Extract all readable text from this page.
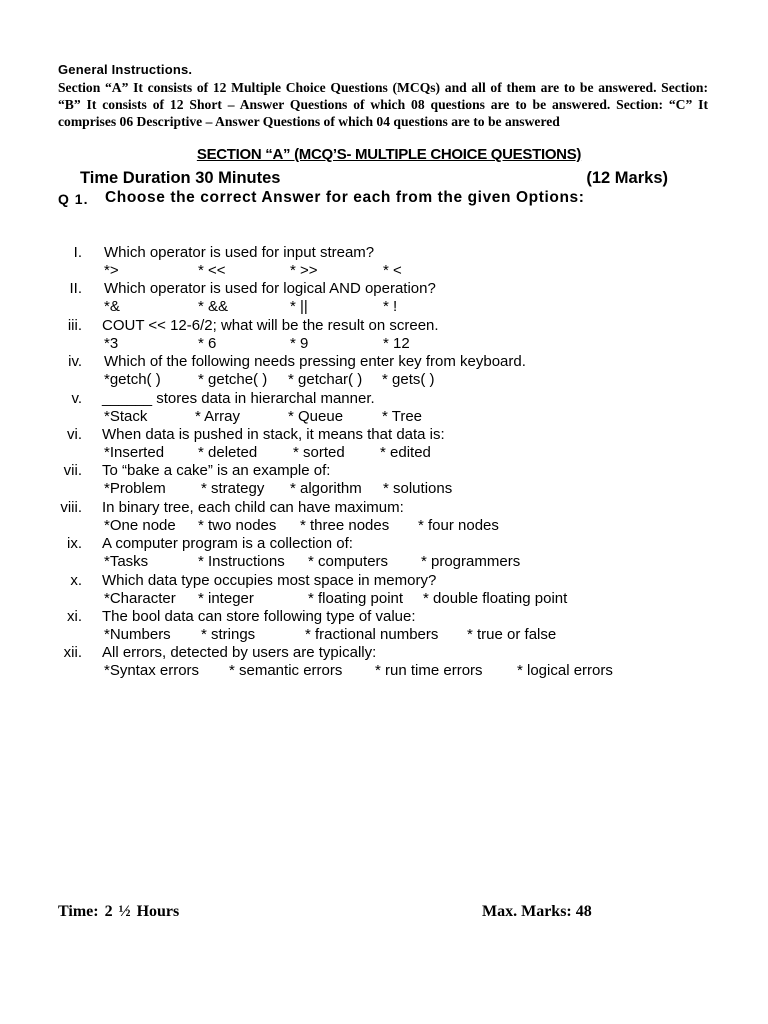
General Instructions.
Section “A” It consists of 12 Multiple Choice Questions (MCQs) and all of them are to be answered. Section: “B” It consists of 12 Short – Answer Questions of which 08 questions are to be answered. Section: “C” It comprises 06 Descriptive – Answer Questions of which 04 questions are to be answered
SECTION “A” (MCQ’S- MULTIPLE CHOICE QUESTIONS)
Time Duration 30 Minutes	(12 Marks)
Q 1. Choose the correct Answer for each from the given Options:
I. Which operator is used for input stream?
*>	* <<	* >>	* <
II. Which operator is used for logical AND operation?
*&	* &&	* ||	* !
iii. COUT << 12-6/2; what will be the result on screen.
*3	* 6	* 9	* 12
iv. Which of the following needs pressing enter key from keyboard.
*getch( ) * getche( ) * getchar( ) * gets( )
v. ______ stores data in hierarchal manner.
*Stack	* Array	* Queue	* Tree
vi. When data is pushed in stack, it means that data is:
*Inserted * deleted * sorted * edited
vii. To “bake a cake” is an example of:
*Problem * strategy * algorithm * solutions
viii. In binary tree, each child can have maximum:
*One node * two nodes * three nodes * four nodes
ix. A computer program is a collection of:
*Tasks	* Instructions * computers * programmers
x. Which data type occupies most space in memory?
*Character * integer	* floating point * double floating point
xi. The bool data can store following type of value:
*Numbers * strings	* fractional numbers * true or false
xii. All errors, detected by users are typically:
*Syntax errors * semantic errors * run time errors * logical errors
Time: 2 ½ Hours	Max. Marks: 48
